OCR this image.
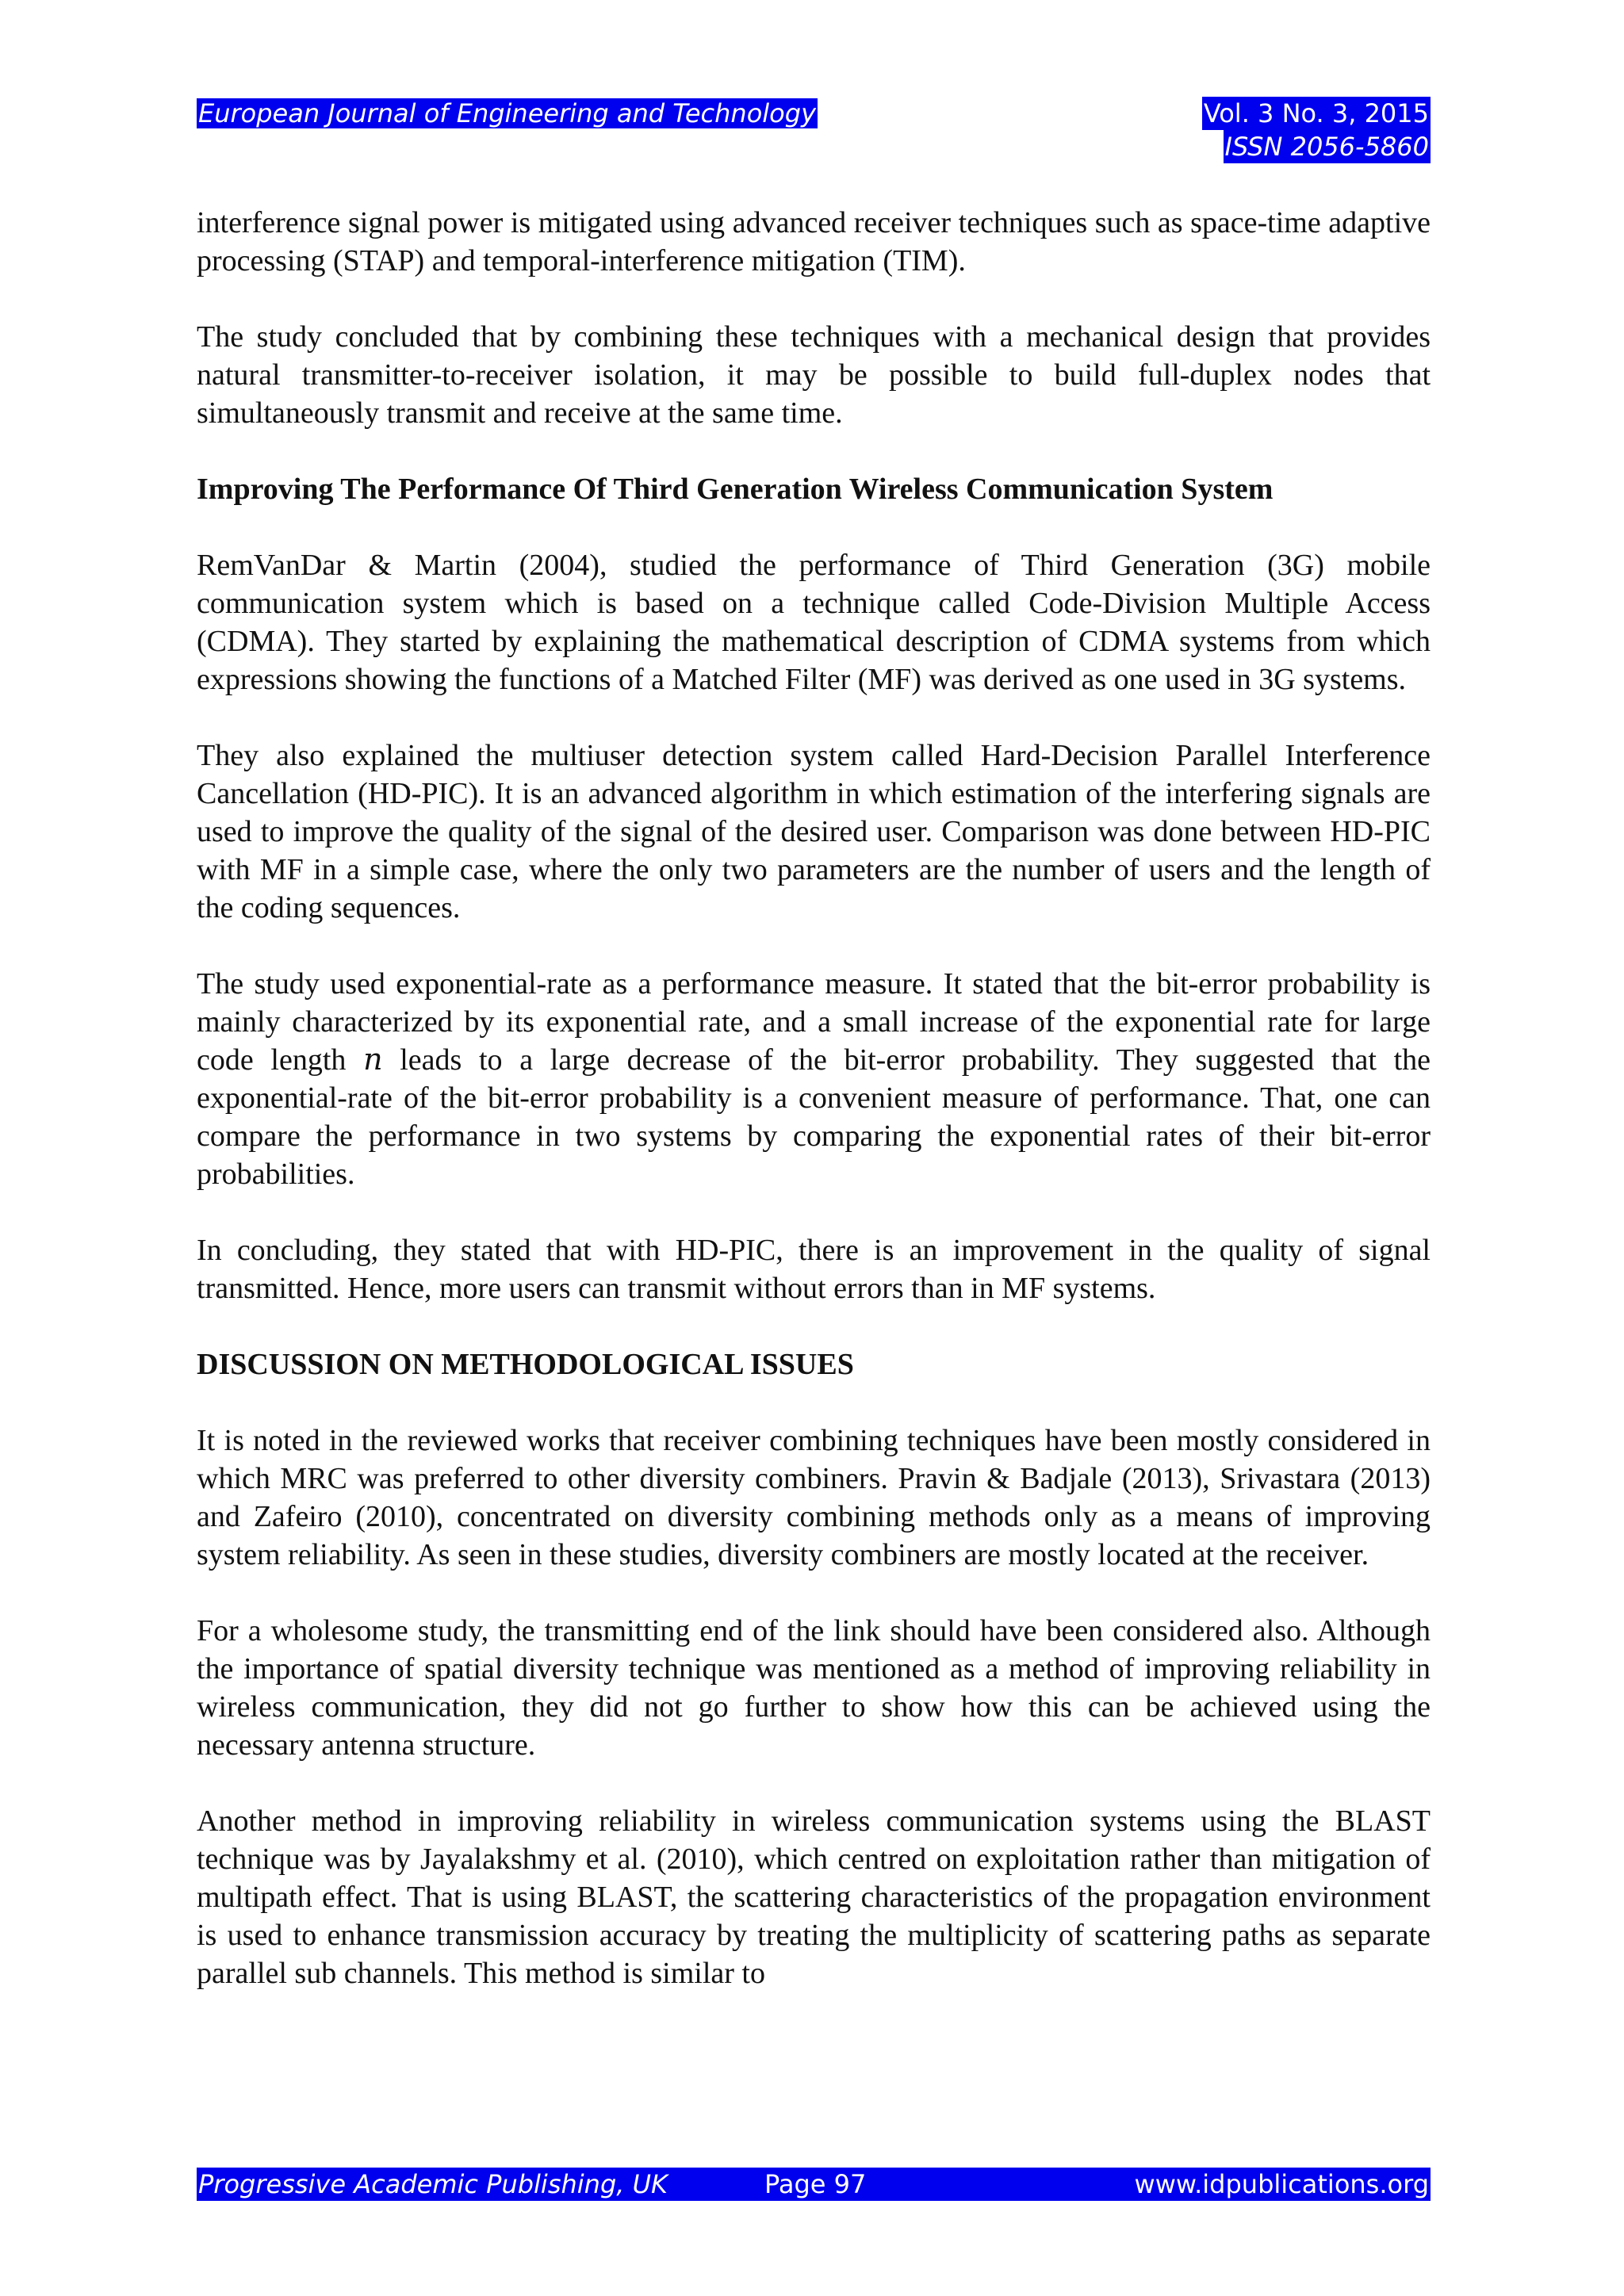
European Journal of Engineering and Technology	Vol. 3 No. 3, 2015
ISSN 2056-5860

interference signal power is mitigated using advanced receiver techniques such as space-time adaptive processing (STAP) and temporal-interference mitigation (TIM).

The study concluded that by combining these techniques with a mechanical design that provides natural transmitter-to-receiver isolation, it may be possible to build full-duplex nodes that simultaneously transmit and receive at the same time.

Improving The Performance Of Third Generation Wireless Communication System

RemVanDar & Martin (2004), studied the performance of Third Generation (3G) mobile communication system which is based on a technique called Code-Division Multiple Access (CDMA). They started by explaining the mathematical description of CDMA systems from which expressions showing the functions of a Matched Filter (MF) was derived as one used in 3G systems.

They also explained the multiuser detection system called Hard-Decision Parallel Interference Cancellation (HD-PIC). It is an advanced algorithm in which estimation of the interfering signals are used to improve the quality of the signal of the desired user. Comparison was done between HD-PIC with MF in a simple case, where the only two parameters are the number of users and the length of the coding sequences.

The study used exponential-rate as a performance measure. It stated that the bit-error probability is mainly characterized by its exponential rate, and a small increase of the exponential rate for large code length 𝑛 leads to a large decrease of the bit-error probability. They suggested that the exponential-rate of the bit-error probability is a convenient measure of performance. That, one can compare the performance in two systems by comparing the exponential rates of their bit-error probabilities.

In concluding, they stated that with HD-PIC, there is an improvement in the quality of signal transmitted. Hence, more users can transmit without errors than in MF systems.

DISCUSSION ON METHODOLOGICAL ISSUES

It is noted in the reviewed works that receiver combining techniques have been mostly considered in which MRC was preferred to other diversity combiners. Pravin & Badjale (2013), Srivastara (2013) and Zafeiro (2010), concentrated on diversity combining methods only as a means of improving system reliability. As seen in these studies, diversity combiners are mostly located at the receiver.

For a wholesome study, the transmitting end of the link should have been considered also. Although the importance of spatial diversity technique was mentioned as a method of improving reliability in wireless communication, they did not go further to show how this can be achieved using the necessary antenna structure.

Another method in improving reliability in wireless communication systems using the BLAST technique was by Jayalakshmy et al. (2010), which centred on exploitation rather than mitigation of multipath effect. That is using BLAST, the scattering characteristics of the propagation environment is used to enhance transmission accuracy by treating the multiplicity of scattering paths as separate parallel sub channels. This method is similar to

Progressive Academic Publishing, UK	Page 97	www.idpublications.org
